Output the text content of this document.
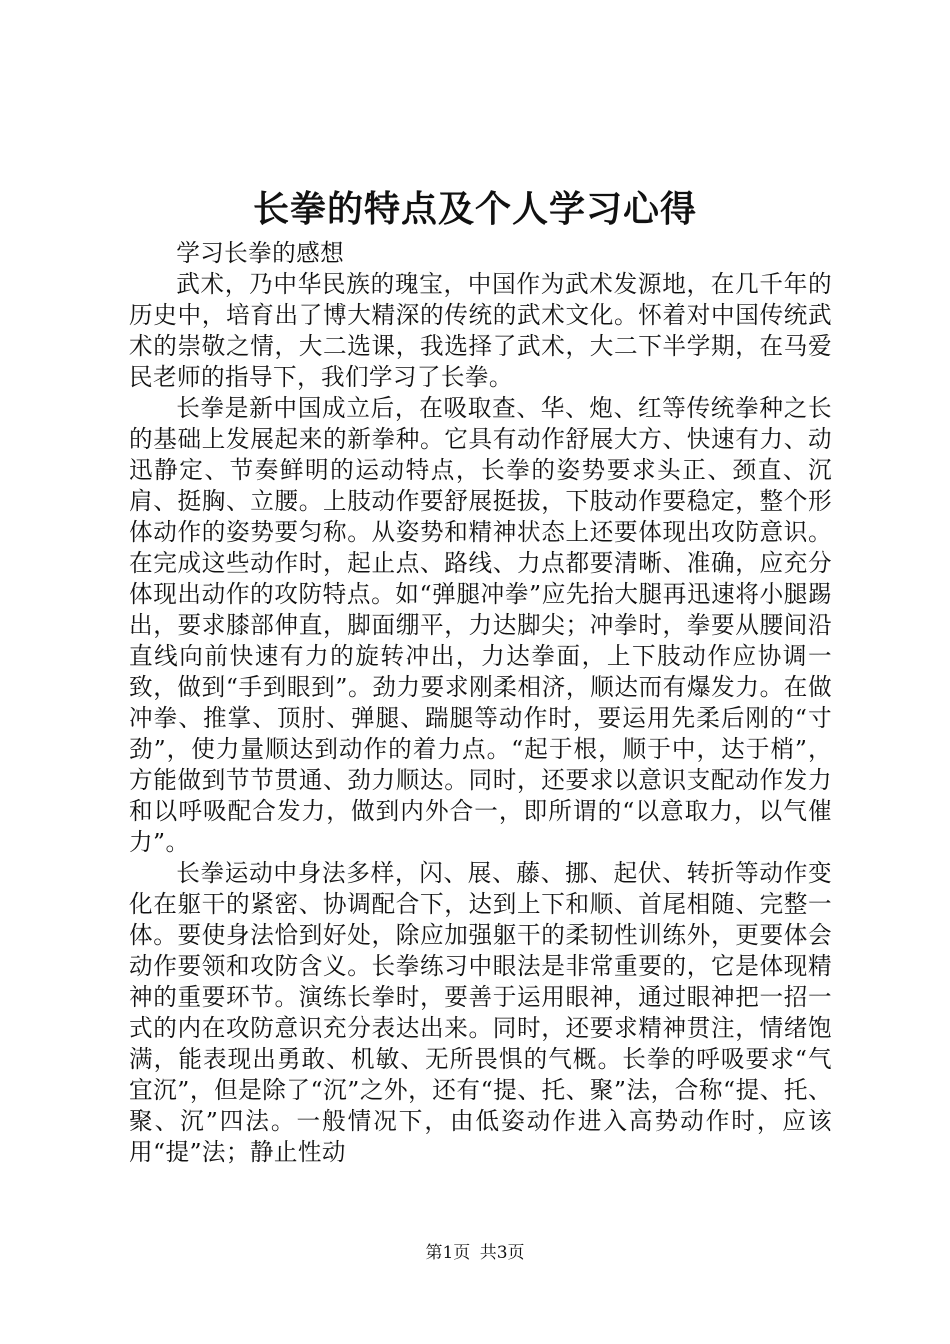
长拳的特点及个人学习心得

学习长拳的感想

武术，乃中华民族的瑰宝，中国作为武术发源地，在几千年的历史中，培育出了博大精深的传统的武术文化。怀着对中国传统武术的崇敬之情，大二选课，我选择了武术，大二下半学期，在马爱民老师的指导下，我们学习了长拳。

长拳是新中国成立后，在吸取查、华、炮、红等传统拳种之长的基础上发展起来的新拳种。它具有动作舒展大方、快速有力、动迅静定、节奏鲜明的运动特点，长拳的姿势要求头正、颈直、沉肩、挺胸、立腰。上肢动作要舒展挺拔，下肢动作要稳定，整个形体动作的姿势要匀称。从姿势和精神状态上还要体现出攻防意识。在完成这些动作时，起止点、路线、力点都要清晰、准确，应充分体现出动作的攻防特点。如“弹腿冲拳”应先抬大腿再迅速将小腿踢出，要求膝部伸直，脚面绷平，力达脚尖；冲拳时，拳要从腰间沿直线向前快速有力的旋转冲出，力达拳面，上下肢动作应协调一致，做到“手到眼到”。劲力要求刚柔相济，顺达而有爆发力。在做冲拳、推掌、顶肘、弹腿、踹腿等动作时，要运用先柔后刚的“寸劲”，使力量顺达到动作的着力点。“起于根，顺于中，达于梢”，方能做到节节贯通、劲力顺达。同时，还要求以意识支配动作发力和以呼吸配合发力，做到内外合一，即所谓的“以意取力，以气催力”。

长拳运动中身法多样，闪、展、藤、挪、起伏、转折等动作变化在躯干的紧密、协调配合下，达到上下和顺、首尾相随、完整一体。要使身法恰到好处，除应加强躯干的柔韧性训练外，更要体会动作要领和攻防含义。长拳练习中眼法是非常重要的，它是体现精神的重要环节。演练长拳时，要善于运用眼神，通过眼神把一招一式的内在攻防意识充分表达出来。同时，还要求精神贯注，情绪饱满，能表现出勇敢、机敏、无所畏惧的气概。长拳的呼吸要求“气宜沉”，但是除了“沉”之外，还有“提、托、聚”法，合称“提、托、聚、沉”四法。一般情况下，由低姿动作进入高势动作时，应该用“提”法；静止性动

第1页 共3页
